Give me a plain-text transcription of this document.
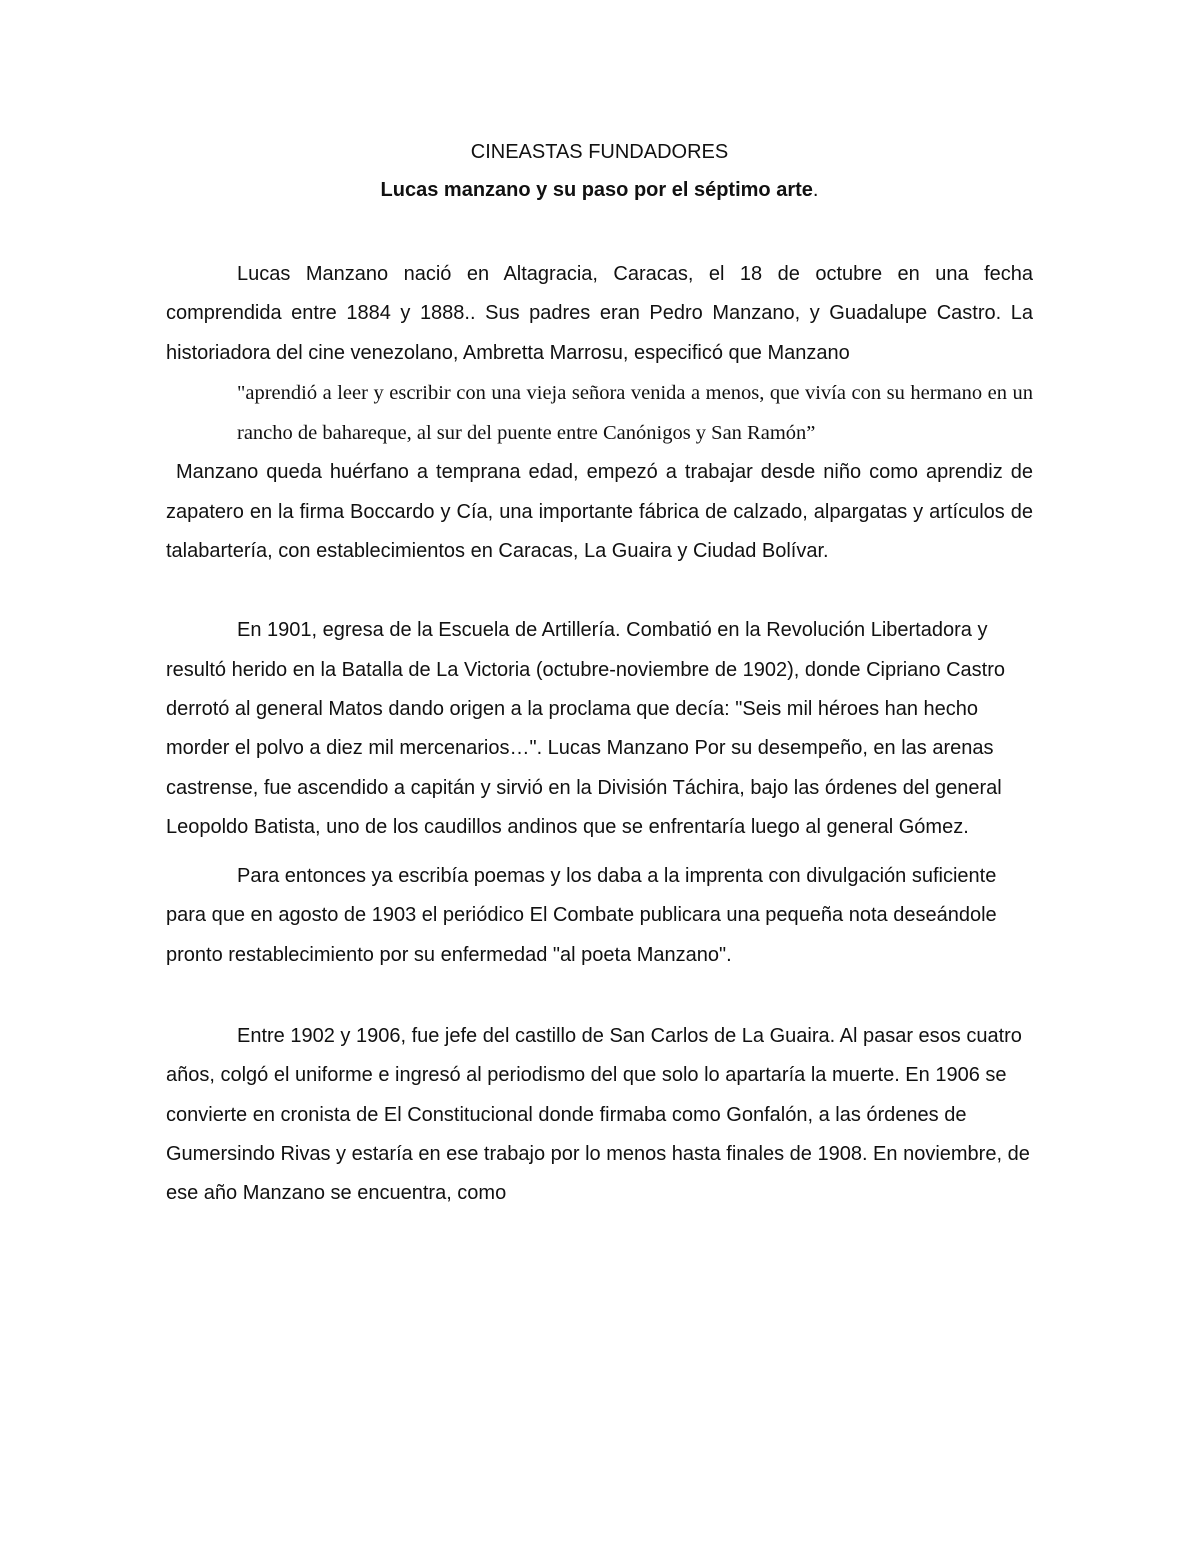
CINEASTAS FUNDADORES
Lucas manzano y su paso por el séptimo arte.

Lucas Manzano nació en Altagracia, Caracas, el 18 de octubre en una fecha comprendida entre 1884 y 1888.. Sus padres eran Pedro Manzano, y Guadalupe Castro. La historiadora del cine venezolano, Ambretta Marrosu, especificó que Manzano

"aprendió a leer y escribir con una vieja señora venida a menos, que vivía con su hermano en un rancho de bahareque, al sur del puente entre Canónigos y San Ramón”

Manzano queda huérfano a temprana edad, empezó a trabajar desde niño como aprendiz de zapatero en la firma Boccardo y Cía, una importante fábrica de calzado, alpargatas y artículos de talabartería, con establecimientos en Caracas, La Guaira y Ciudad Bolívar.

En 1901, egresa de la Escuela de Artillería. Combatió en la Revolución Libertadora y resultó herido en la Batalla de La Victoria (octubre-noviembre de 1902), donde Cipriano Castro derrotó al general Matos dando origen a la proclama que decía: "Seis mil héroes han hecho morder el polvo a diez mil mercenarios…". Lucas Manzano Por su desempeño, en las arenas castrense, fue ascendido a capitán y sirvió en la División Táchira, bajo las órdenes del general Leopoldo Batista, uno de los caudillos andinos que se enfrentaría luego al general Gómez.

Para entonces ya escribía poemas y los daba a la imprenta con divulgación suficiente para que en agosto de 1903 el periódico El Combate publicara una pequeña nota deseándole pronto restablecimiento por su enfermedad "al poeta Manzano".

Entre 1902 y 1906, fue jefe del castillo de San Carlos de La Guaira. Al pasar esos cuatro años, colgó el uniforme e ingresó al periodismo del que solo lo apartaría la muerte. En 1906 se convierte en cronista de El Constitucional donde firmaba como Gonfalón, a las órdenes de Gumersindo Rivas y estaría en ese trabajo por lo menos hasta finales de 1908. En noviembre, de ese año Manzano se encuentra, como
